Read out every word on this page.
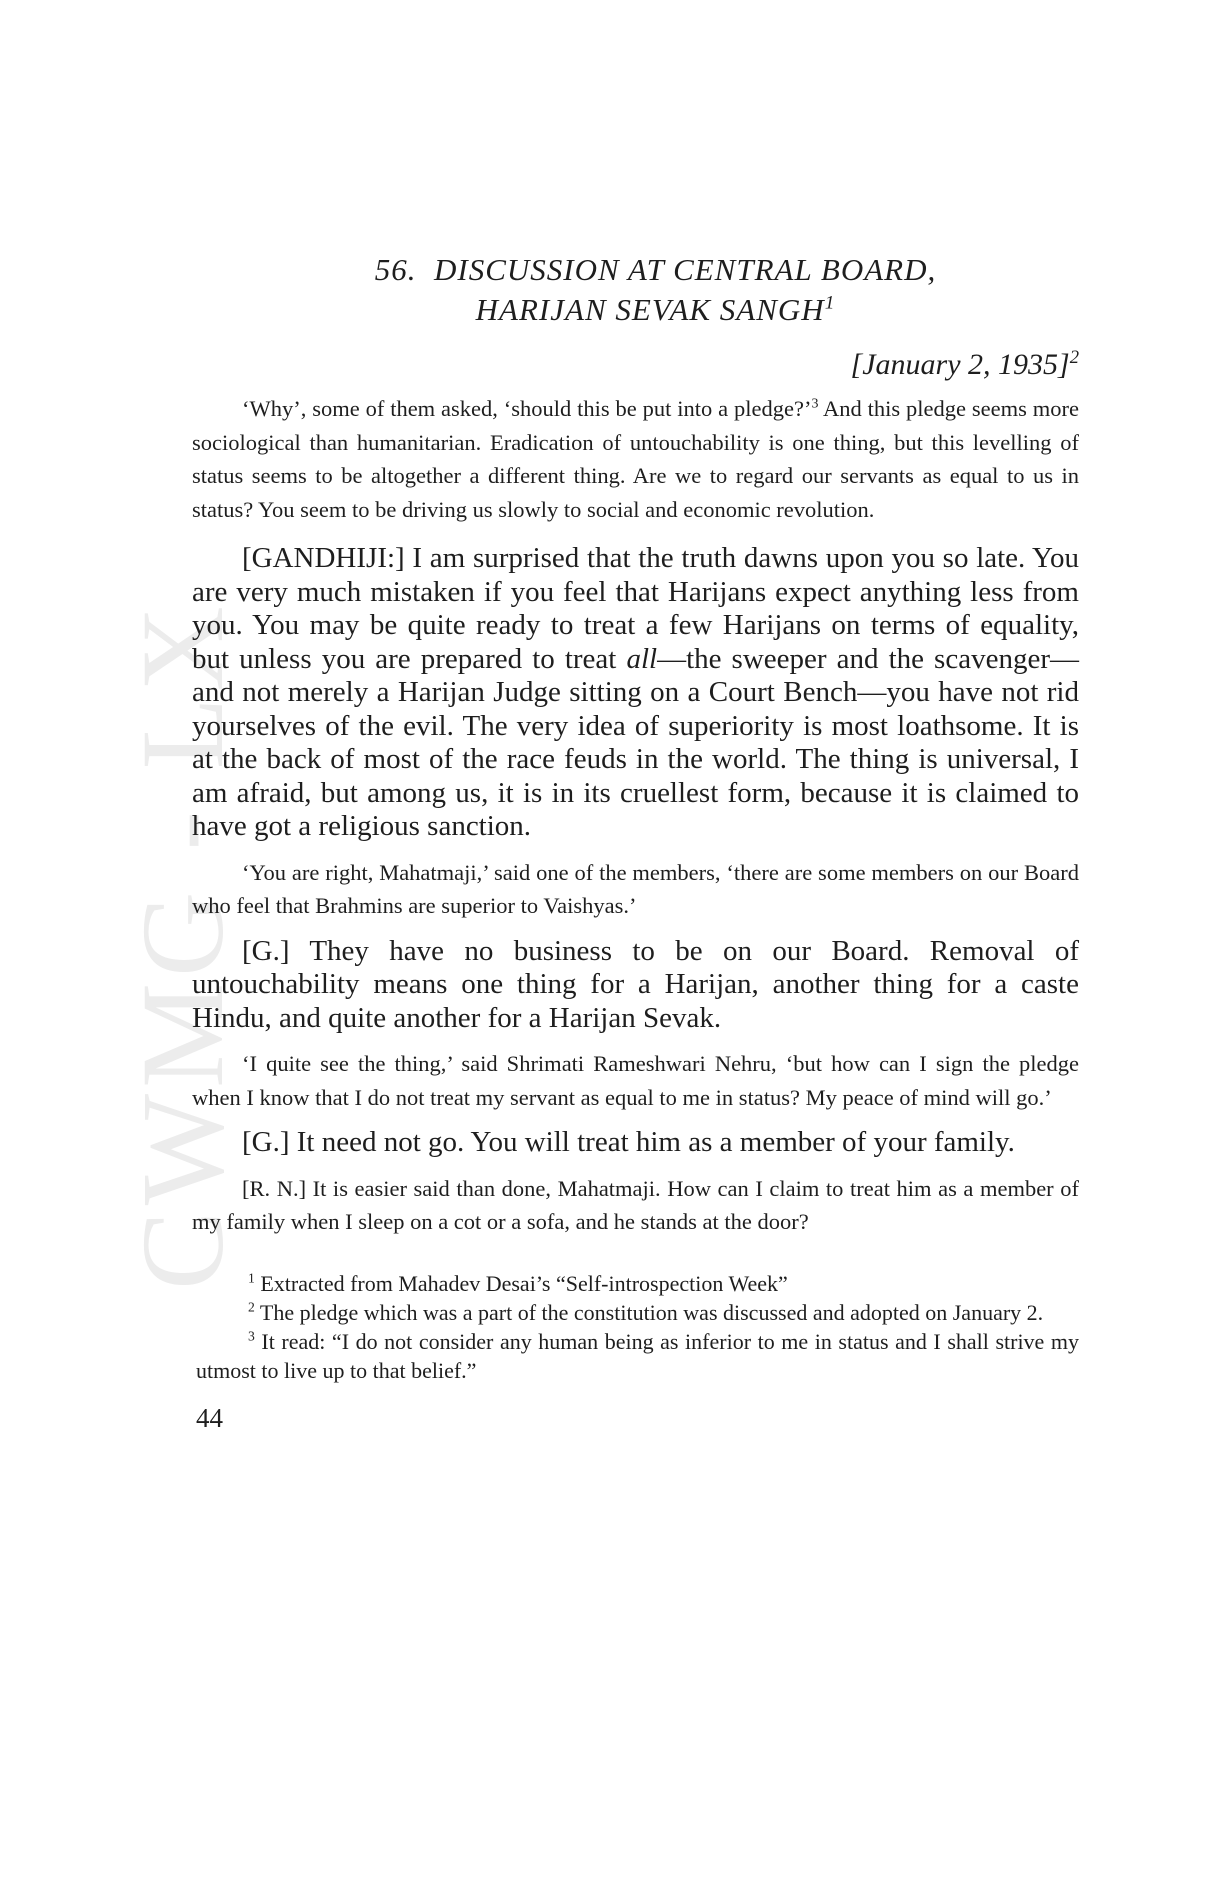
CWMG - LX
56. DISCUSSION AT CENTRAL BOARD,
HARIJAN SEVAK SANGH$^1$
[January 2, 1935]$^2$

‘Why’, some of them asked, ‘should this be put into a pledge?’$^3$ And this pledge seems more sociological than humanitarian. Eradication of untouchability is one thing, but this levelling of status seems to be altogether a different thing. Are we to regard our servants as equal to us in status? You seem to be driving us slowly to social and economic revolution.

[GANDHIJI:] I am surprised that the truth dawns upon you so late. You are very much mistaken if you feel that Harijans expect anything less from you. You may be quite ready to treat a few Harijans on terms of equality, but unless you are prepared to treat all—the sweeper and the scavenger—and not merely a Harijan Judge sitting on a Court Bench—you have not rid yourselves of the evil. The very idea of superiority is most loathsome. It is at the back of most of the race feuds in the world. The thing is universal, I am afraid, but among us, it is in its cruellest form, because it is claimed to have got a religious sanction.

‘You are right, Mahatmaji,’ said one of the members, ‘there are some members on our Board who feel that Brahmins are superior to Vaishyas.’

[G.] They have no business to be on our Board. Removal of untouchability means one thing for a Harijan, another thing for a caste Hindu, and quite another for a Harijan Sevak.

‘I quite see the thing,’ said Shrimati Rameshwari Nehru, ‘but how can I sign the pledge when I know that I do not treat my servant as equal to me in status? My peace of mind will go.’

[G.] It need not go. You will treat him as a member of your family.

[R. N.] It is easier said than done, Mahatmaji. How can I claim to treat him as a member of my family when I sleep on a cot or a sofa, and he stands at the door?

$^1$ Extracted from Mahadev Desai’s “Self-introspection Week”

$^2$ The pledge which was a part of the constitution was discussed and adopted on January 2.

$^3$ It read: “I do not consider any human being as inferior to me in status and I shall strive my utmost to live up to that belief.”

44
